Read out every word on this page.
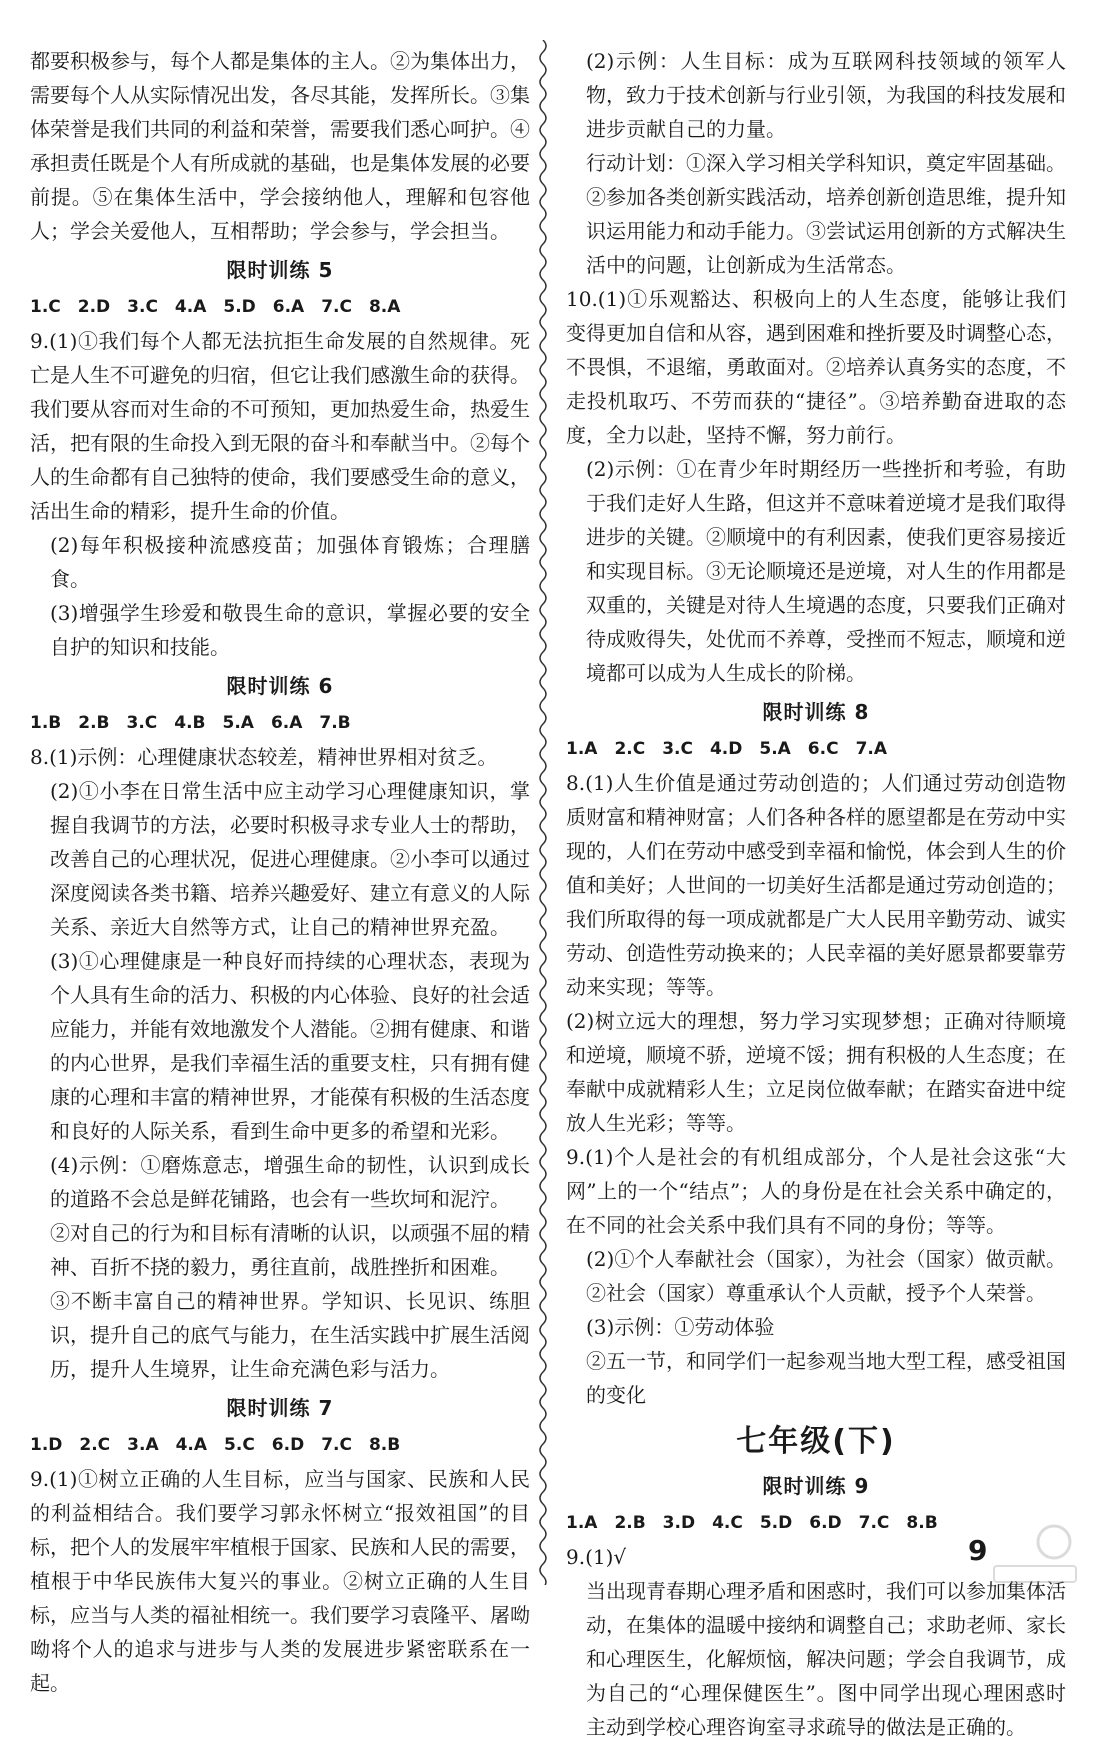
都要积极参与，每个人都是集体的主人。②为集体出力，需要每个人从实际情况出发，各尽其能，发挥所长。③集体荣誉是我们共同的利益和荣誉，需要我们悉心呵护。④承担责任既是个人有所成就的基础，也是集体发展的必要前提。⑤在集体生活中，学会接纳他人，理解和包容他人；学会关爱他人，互相帮助；学会参与，学会担当。

限时训练 5

1.C　2.D　3.C　4.A　5.D　6.A　7.C　8.A

9.(1)①我们每个人都无法抗拒生命发展的自然规律。死亡是人生不可避免的归宿，但它让我们感激生命的获得。我们要从容而对生命的不可预知，更加热爱生命，热爱生活，把有限的生命投入到无限的奋斗和奉献当中。②每个人的生命都有自己独特的使命，我们要感受生命的意义，活出生命的精彩，提升生命的价值。

(2)每年积极接种流感疫苗；加强体育锻炼；合理膳食。

(3)增强学生珍爱和敬畏生命的意识，掌握必要的安全自护的知识和技能。

限时训练 6

1.B　2.B　3.C　4.B　5.A　6.A　7.B

8.(1)示例：心理健康状态较差，精神世界相对贫乏。

(2)①小李在日常生活中应主动学习心理健康知识，掌握自我调节的方法，必要时积极寻求专业人士的帮助，改善自己的心理状况，促进心理健康。②小李可以通过深度阅读各类书籍、培养兴趣爱好、建立有意义的人际关系、亲近大自然等方式，让自己的精神世界充盈。

(3)①心理健康是一种良好而持续的心理状态，表现为个人具有生命的活力、积极的内心体验、良好的社会适应能力，并能有效地激发个人潜能。②拥有健康、和谐的内心世界，是我们幸福生活的重要支柱，只有拥有健康的心理和丰富的精神世界，才能葆有积极的生活态度和良好的人际关系，看到生命中更多的希望和光彩。

(4)示例：①磨炼意志，增强生命的韧性，认识到成长的道路不会总是鲜花铺路，也会有一些坎坷和泥泞。

②对自己的行为和目标有清晰的认识，以顽强不屈的精神、百折不挠的毅力，勇往直前，战胜挫折和困难。

③不断丰富自己的精神世界。学知识、长见识、练胆识，提升自己的底气与能力，在生活实践中扩展生活阅历，提升人生境界，让生命充满色彩与活力。

限时训练 7

1.D　2.C　3.A　4.A　5.C　6.D　7.C　8.B

9.(1)①树立正确的人生目标，应当与国家、民族和人民的利益相结合。我们要学习郭永怀树立“报效祖国”的目标，把个人的发展牢牢植根于国家、民族和人民的需要，植根于中华民族伟大复兴的事业。②树立正确的人生目标，应当与人类的福祉相统一。我们要学习袁隆平、屠呦呦将个人的追求与进步与人类的发展进步紧密联系在一起。

(2)示例：人生目标：成为互联网科技领域的领军人物，致力于技术创新与行业引领，为我国的科技发展和进步贡献自己的力量。

行动计划：①深入学习相关学科知识，奠定牢固基础。②参加各类创新实践活动，培养创新创造思维，提升知识运用能力和动手能力。③尝试运用创新的方式解决生活中的问题，让创新成为生活常态。

10.(1)①乐观豁达、积极向上的人生态度，能够让我们变得更加自信和从容，遇到困难和挫折要及时调整心态，不畏惧，不退缩，勇敢面对。②培养认真务实的态度，不走投机取巧、不劳而获的“捷径”。③培养勤奋进取的态度，全力以赴，坚持不懈，努力前行。

(2)示例：①在青少年时期经历一些挫折和考验，有助于我们走好人生路，但这并不意味着逆境才是我们取得进步的关键。②顺境中的有利因素，使我们更容易接近和实现目标。③无论顺境还是逆境，对人生的作用都是双重的，关键是对待人生境遇的态度，只要我们正确对待成败得失，处优而不养尊，受挫而不短志，顺境和逆境都可以成为人生成长的阶梯。

限时训练 8

1.A　2.C　3.C　4.D　5.A　6.C　7.A

8.(1)人生价值是通过劳动创造的；人们通过劳动创造物质财富和精神财富；人们各种各样的愿望都是在劳动中实现的，人们在劳动中感受到幸福和愉悦，体会到人生的价值和美好；人世间的一切美好生活都是通过劳动创造的；我们所取得的每一项成就都是广大人民用辛勤劳动、诚实劳动、创造性劳动换来的；人民幸福的美好愿景都要靠劳动来实现；等等。

(2)树立远大的理想，努力学习实现梦想；正确对待顺境和逆境，顺境不骄，逆境不馁；拥有积极的人生态度；在奉献中成就精彩人生；立足岗位做奉献；在踏实奋进中绽放人生光彩；等等。

9.(1)个人是社会的有机组成部分，个人是社会这张“大网”上的一个“结点”；人的身份是在社会关系中确定的，在不同的社会关系中我们具有不同的身份；等等。

(2)①个人奉献社会（国家），为社会（国家）做贡献。②社会（国家）尊重承认个人贡献，授予个人荣誉。

(3)示例：①劳动体验

②五一节，和同学们一起参观当地大型工程，感受祖国的变化

七年级(下)
限时训练 9

1.A　2.B　3.D　4.C　5.D　6.D　7.C　8.B

9.(1)√

当出现青春期心理矛盾和困惑时，我们可以参加集体活动，在集体的温暖中接纳和调整自己；求助老师、家长和心理医生，化解烦恼，解决问题；学会自我调节，成为自己的“心理保健医生”。图中同学出现心理困惑时主动到学校心理咨询室寻求疏导的做法是正确的。

9
